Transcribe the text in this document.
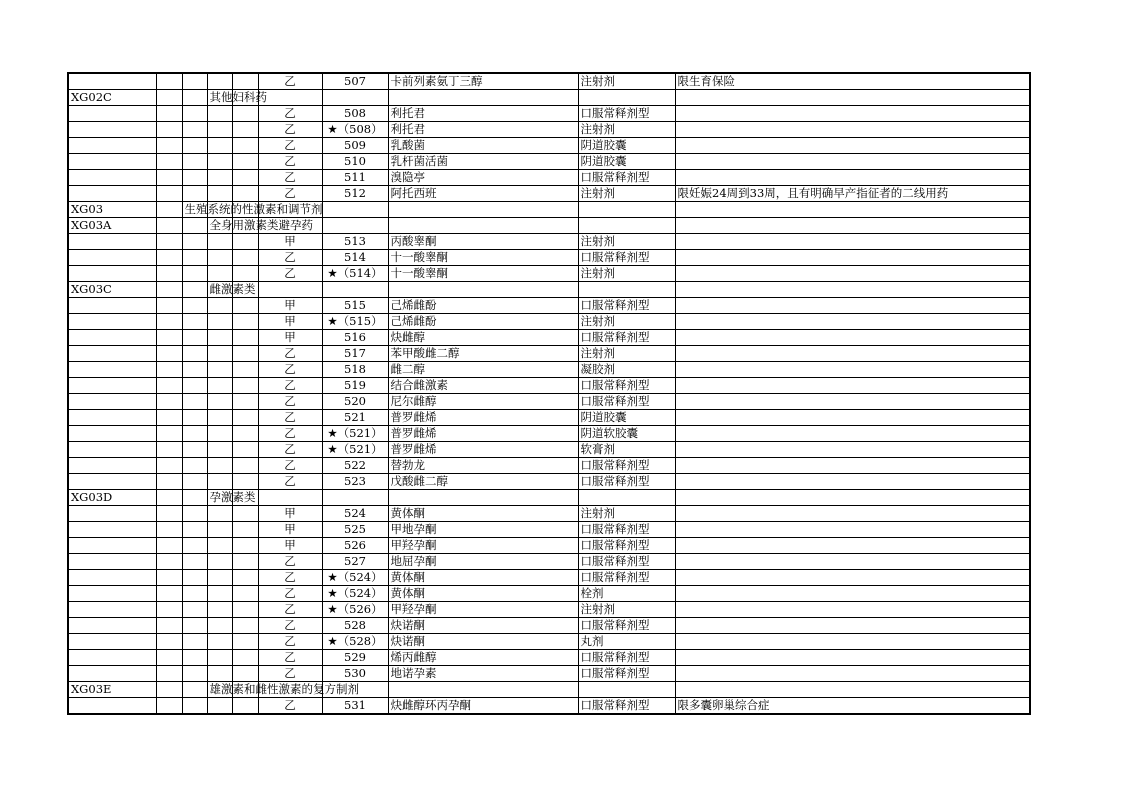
		乙	507	卡前列素氨丁三醇	注射剂	限生育保险
XG02C			其他妇科药						

		乙	508	利托君	口服常释剂型	

		乙	★（508）	利托君	注射剂	

		乙	509	乳酸菌	阴道胶囊	

		乙	510	乳杆菌活菌	阴道胶囊	

		乙	511	溴隐亭	口服常释剂型	

		乙	512	阿托西班	注射剂	限妊娠24周到33周，且有明确早产指征者的二线用药
XG03		生殖系统的性激素和调节剂							

XG03A			全身用激素类避孕药						

		甲	513	丙酸睾酮	注射剂	

		乙	514	十一酸睾酮	口服常释剂型	

		乙	★（514）	十一酸睾酮	注射剂	
XG03C			雌激素类						

		甲	515	己烯雌酚	口服常释剂型	

		甲	★（515）	己烯雌酚	注射剂	

		甲	516	炔雌醇	口服常释剂型	

		乙	517	苯甲酸雌二醇	注射剂	

		乙	518	雌二醇	凝胶剂	

		乙	519	结合雌激素	口服常释剂型	

		乙	520	尼尔雌醇	口服常释剂型	

		乙	521	普罗雌烯	阴道胶囊	

		乙	★（521）	普罗雌烯	阴道软胶囊	

		乙	★（521）	普罗雌烯	软膏剂	

		乙	522	替勃龙	口服常释剂型	

		乙	523	戊酸雌二醇	口服常释剂型	
XG03D			孕激素类						

		甲	524	黄体酮	注射剂	

		甲	525	甲地孕酮	口服常释剂型	

		甲	526	甲羟孕酮	口服常释剂型	

		乙	527	地屈孕酮	口服常释剂型	

		乙	★（524）	黄体酮	口服常释剂型	

		乙	★（524）	黄体酮	栓剂	

		乙	★（526）	甲羟孕酮	注射剂	

		乙	528	炔诺酮	口服常释剂型	

		乙	★（528）	炔诺酮	丸剂	

		乙	529	烯丙雌醇	口服常释剂型	

		乙	530	地诺孕素	口服常释剂型	
XG03E			雄激素和雌性激素的复方制剂						

		乙	531	炔雌醇环丙孕酮	口服常释剂型	限多囊卵巢综合症
